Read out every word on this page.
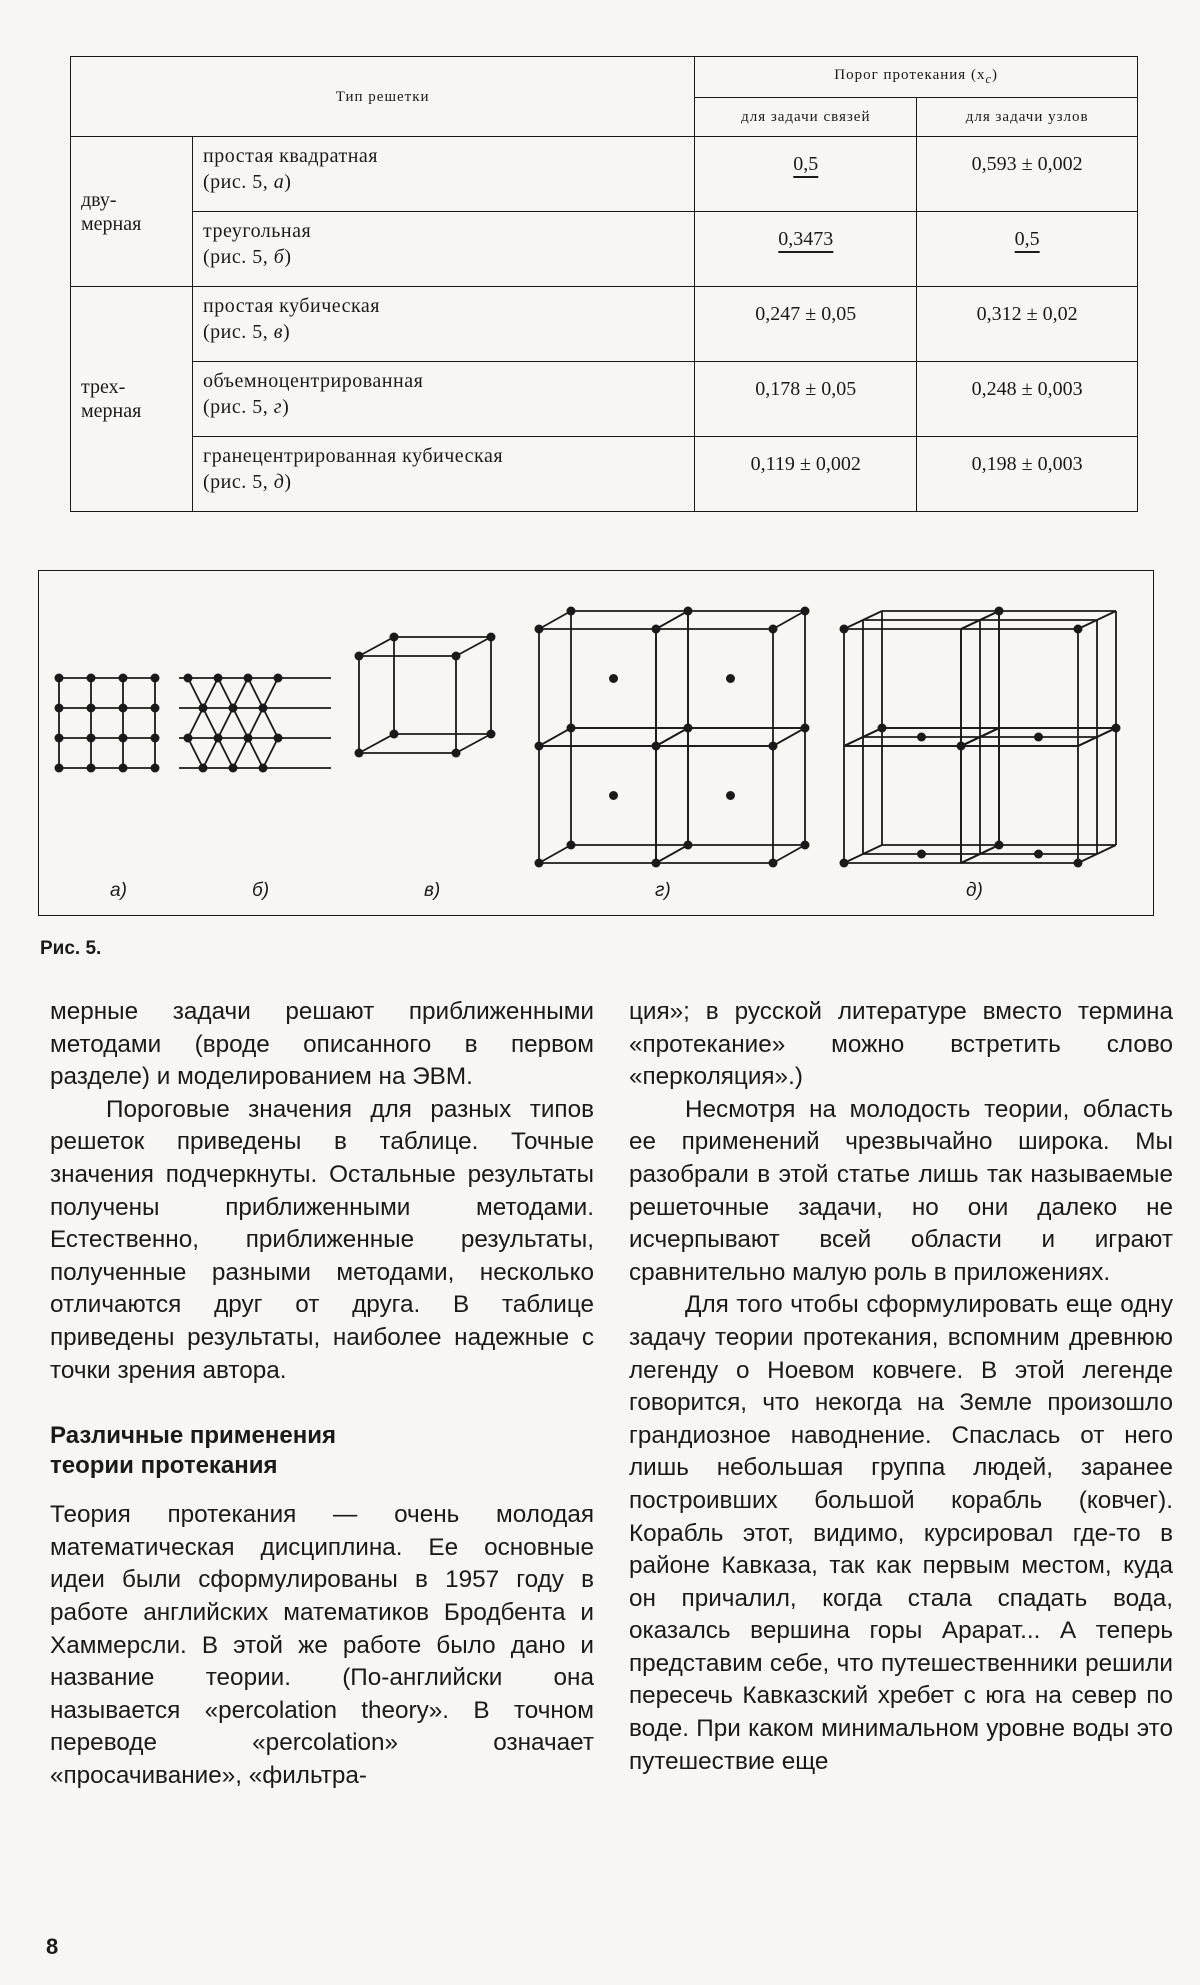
Тип решетки		Порог протекания $(x_c)$	
		для задачи связей	для задачи узлов
дву-
мерная	простая квадратная
(рис. 5, а)	0,5	0,593 ± 0,002
	треугольная
(рис. 5, б)	0,3473	0,5
трех-
мерная	простая кубическая
(рис. 5, в)	0,247 ± 0,05	0,312 ± 0,02
	объемноцентрированная
(рис. 5, г)	0,178 ± 0,05	0,248 ± 0,003
	гранецентрированная кубическая
(рис. 5, д)	0,119 ± 0,002	0,198 ± 0,003
а)	б)	в)	г)	д)
Рис. 5.

мерные задачи решают приближенными методами (вроде описанного в первом разделе) и моделированием на ЭВМ.

Пороговые значения для разных типов решеток приведены в таблице. Точные значения подчеркнуты. Остальные результаты получены приближенными методами. Естественно, приближенные результаты, полученные разными методами, несколько отличаются друг от друга. В таблице приведены результаты, наиболее надежные с точки зрения автора.

Различные применения
теории протекания

Теория протекания — очень молодая математическая дисциплина. Ее основные идеи были сформулированы в 1957 году в работе английских математиков Бродбента и Хаммерсли. В этой же работе было дано и название теории. (По-английски она называется «percolation theory». В точном переводе «percolation» означает «просачивание», «фильтра-

ция»; в русской литературе вместо термина «протекание» можно встретить слово «перколяция».)

Несмотря на молодость теории, область ее применений чрезвычайно широка. Мы разобрали в этой статье лишь так называемые решеточные задачи, но они далеко не исчерпывают всей области и играют сравнительно малую роль в приложениях.

Для того чтобы сформулировать еще одну задачу теории протекания, вспомним древнюю легенду о Ноевом ковчеге. В этой легенде говорится, что некогда на Земле произошло грандиозное наводнение. Спаслась от него лишь небольшая группа людей, заранее построивших большой корабль (ковчег). Корабль этот, видимо, курсировал где-то в районе Кавказа, так как первым местом, куда он причалил, когда стала спадать вода, оказалсь вершина горы Арарат... А теперь представим себе, что путешественники решили пересечь Кавказский хребет с юга на север по воде. При каком минимальном уровне воды это путешествие еще

8
